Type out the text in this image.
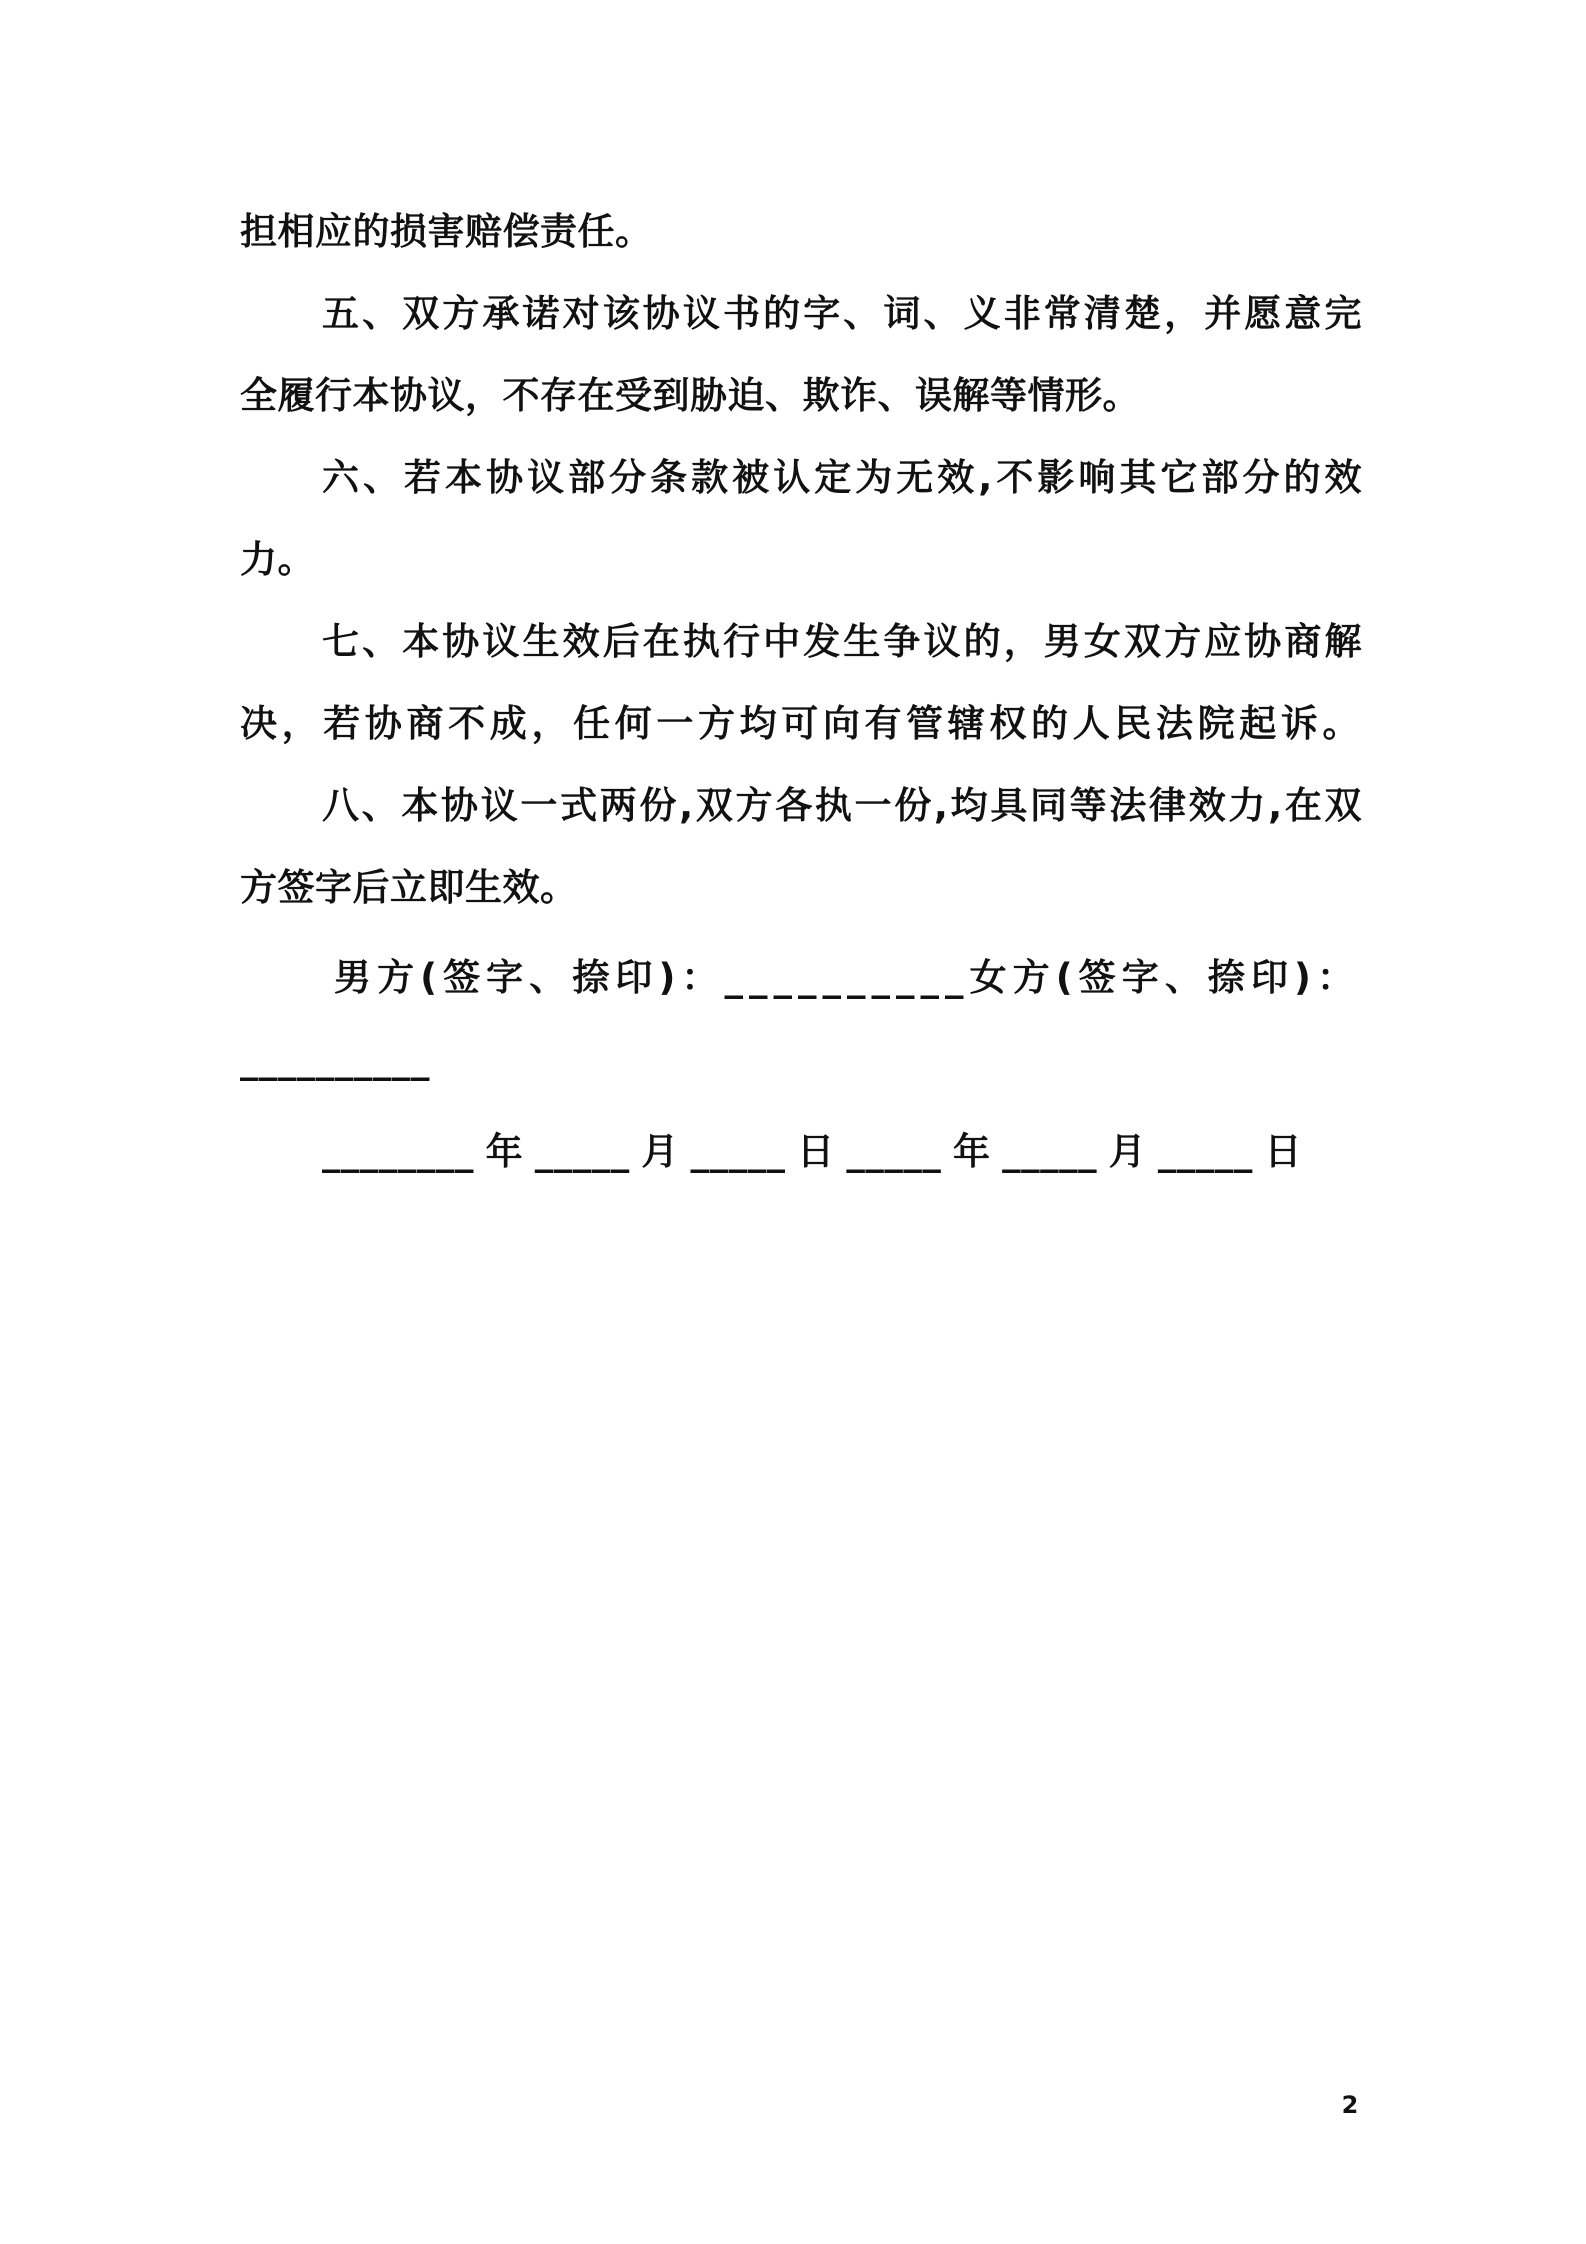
担相应的损害赔偿责任。
五、双方承诺对该协议书的字、词、义非常清楚，并愿意完
全履行本协议，不存在受到胁迫、欺诈、误解等情形。
六、若本协议部分条款被认定为无效,不影响其它部分的效
力。
七、本协议生效后在执行中发生争议的，男女双方应协商解
决，若协商不成，任何一方均可向有管辖权的人民法院起诉。
八、本协议一式两份,双方各执一份,均具同等法律效力,在双
方签字后立即生效。
男方(签字、捺印)：__________女方(签字、捺印)：
__________
________年_____月_____日_____年_____月_____日
2
